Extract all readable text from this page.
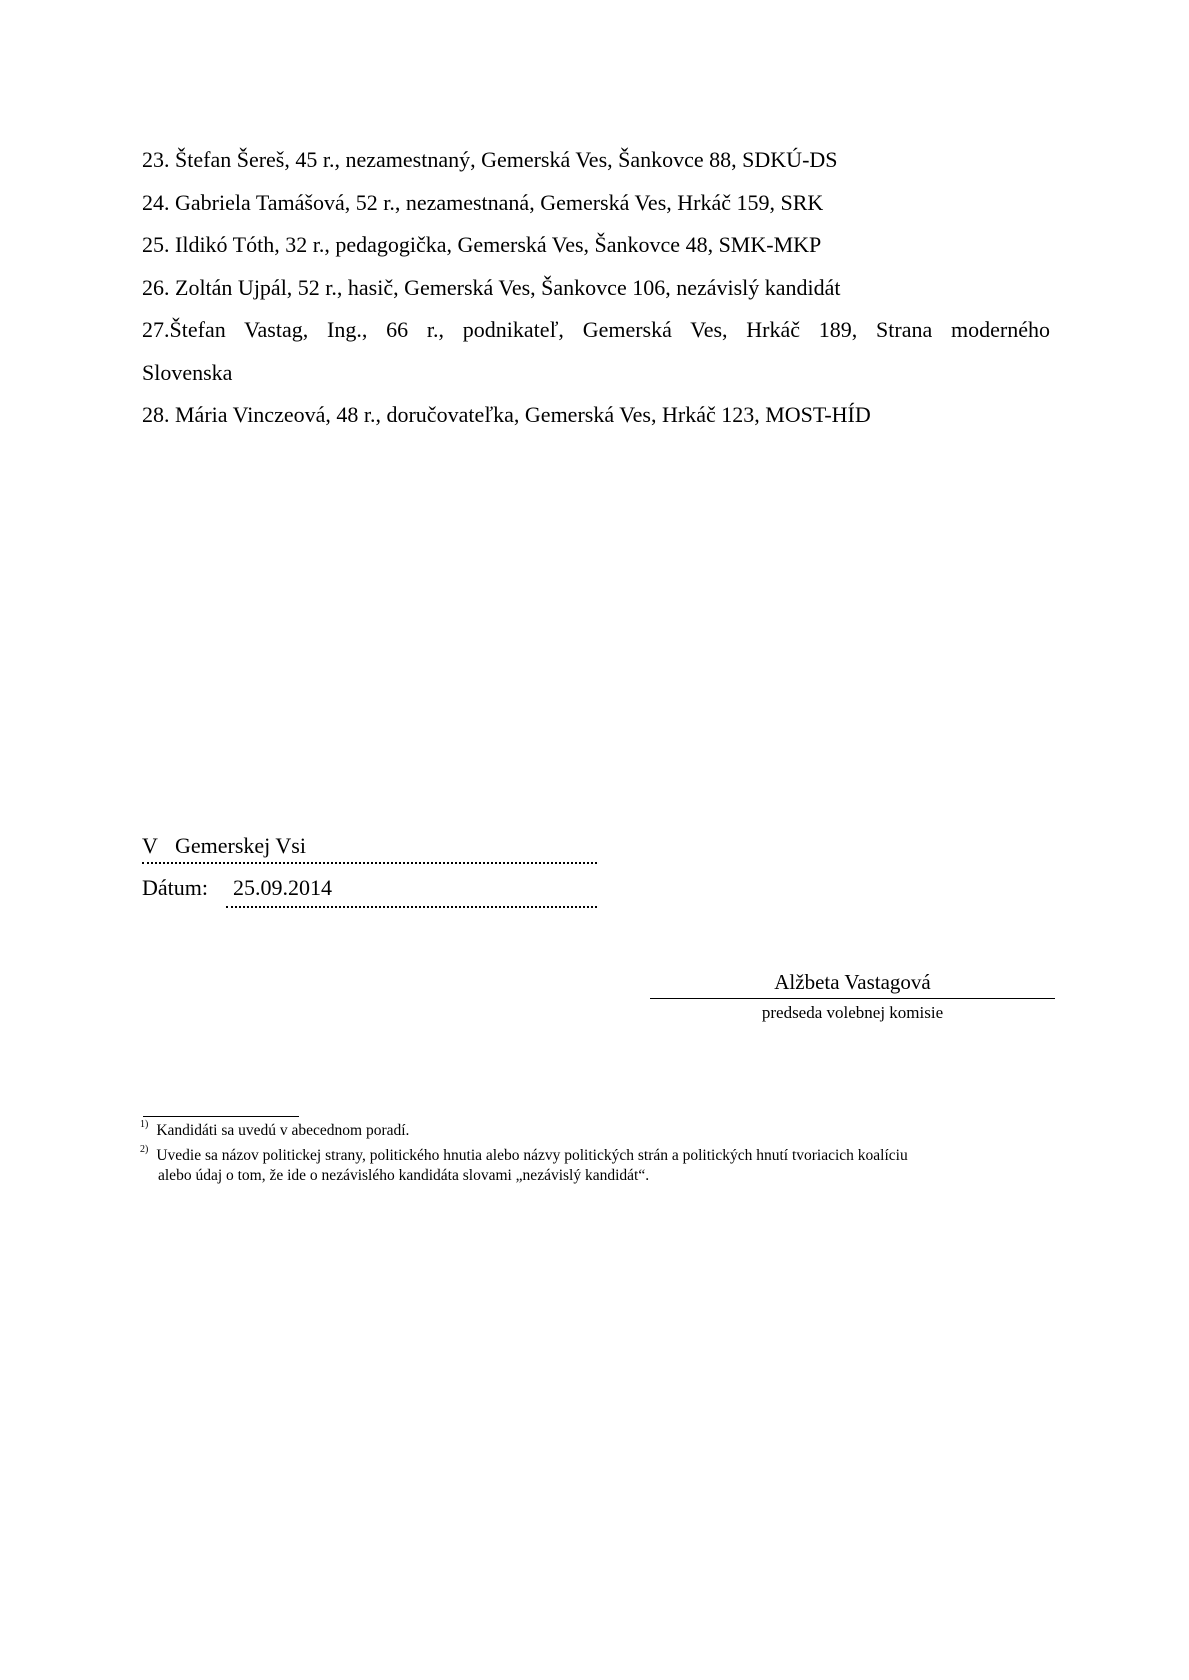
23. Štefan Šereš, 45 r., nezamestnaný, Gemerská Ves, Šankovce 88, SDKÚ-DS

24. Gabriela Tamášová, 52 r., nezamestnaná, Gemerská Ves, Hrkáč 159, SRK

25. Ildikó Tóth, 32 r., pedagogička, Gemerská Ves, Šankovce 48, SMK-MKP

26. Zoltán Ujpál, 52 r., hasič, Gemerská Ves, Šankovce 106, nezávislý kandidát

27.Štefan Vastag, Ing., 66 r., podnikateľ, Gemerská Ves, Hrkáč 189, Strana moderného

Slovenska

28. Mária Vinczeová, 48 r., doručovateľka, Gemerská Ves, Hrkáč 123, MOST-HÍD

V Gemerskej Vsi
Dátum: 25.09.2014
Alžbeta Vastagová
predseda volebnej komisie

$^{1)}$ Kandidáti sa uvedú v abecednom poradí.

$^{2)}$ Uvedie sa názov politickej strany, politického hnutia alebo názvy politických strán a politických hnutí tvoriacich koalíciu
alebo údaj o tom, že ide o nezávislého kandidáta slovami „nezávislý kandidát“.
